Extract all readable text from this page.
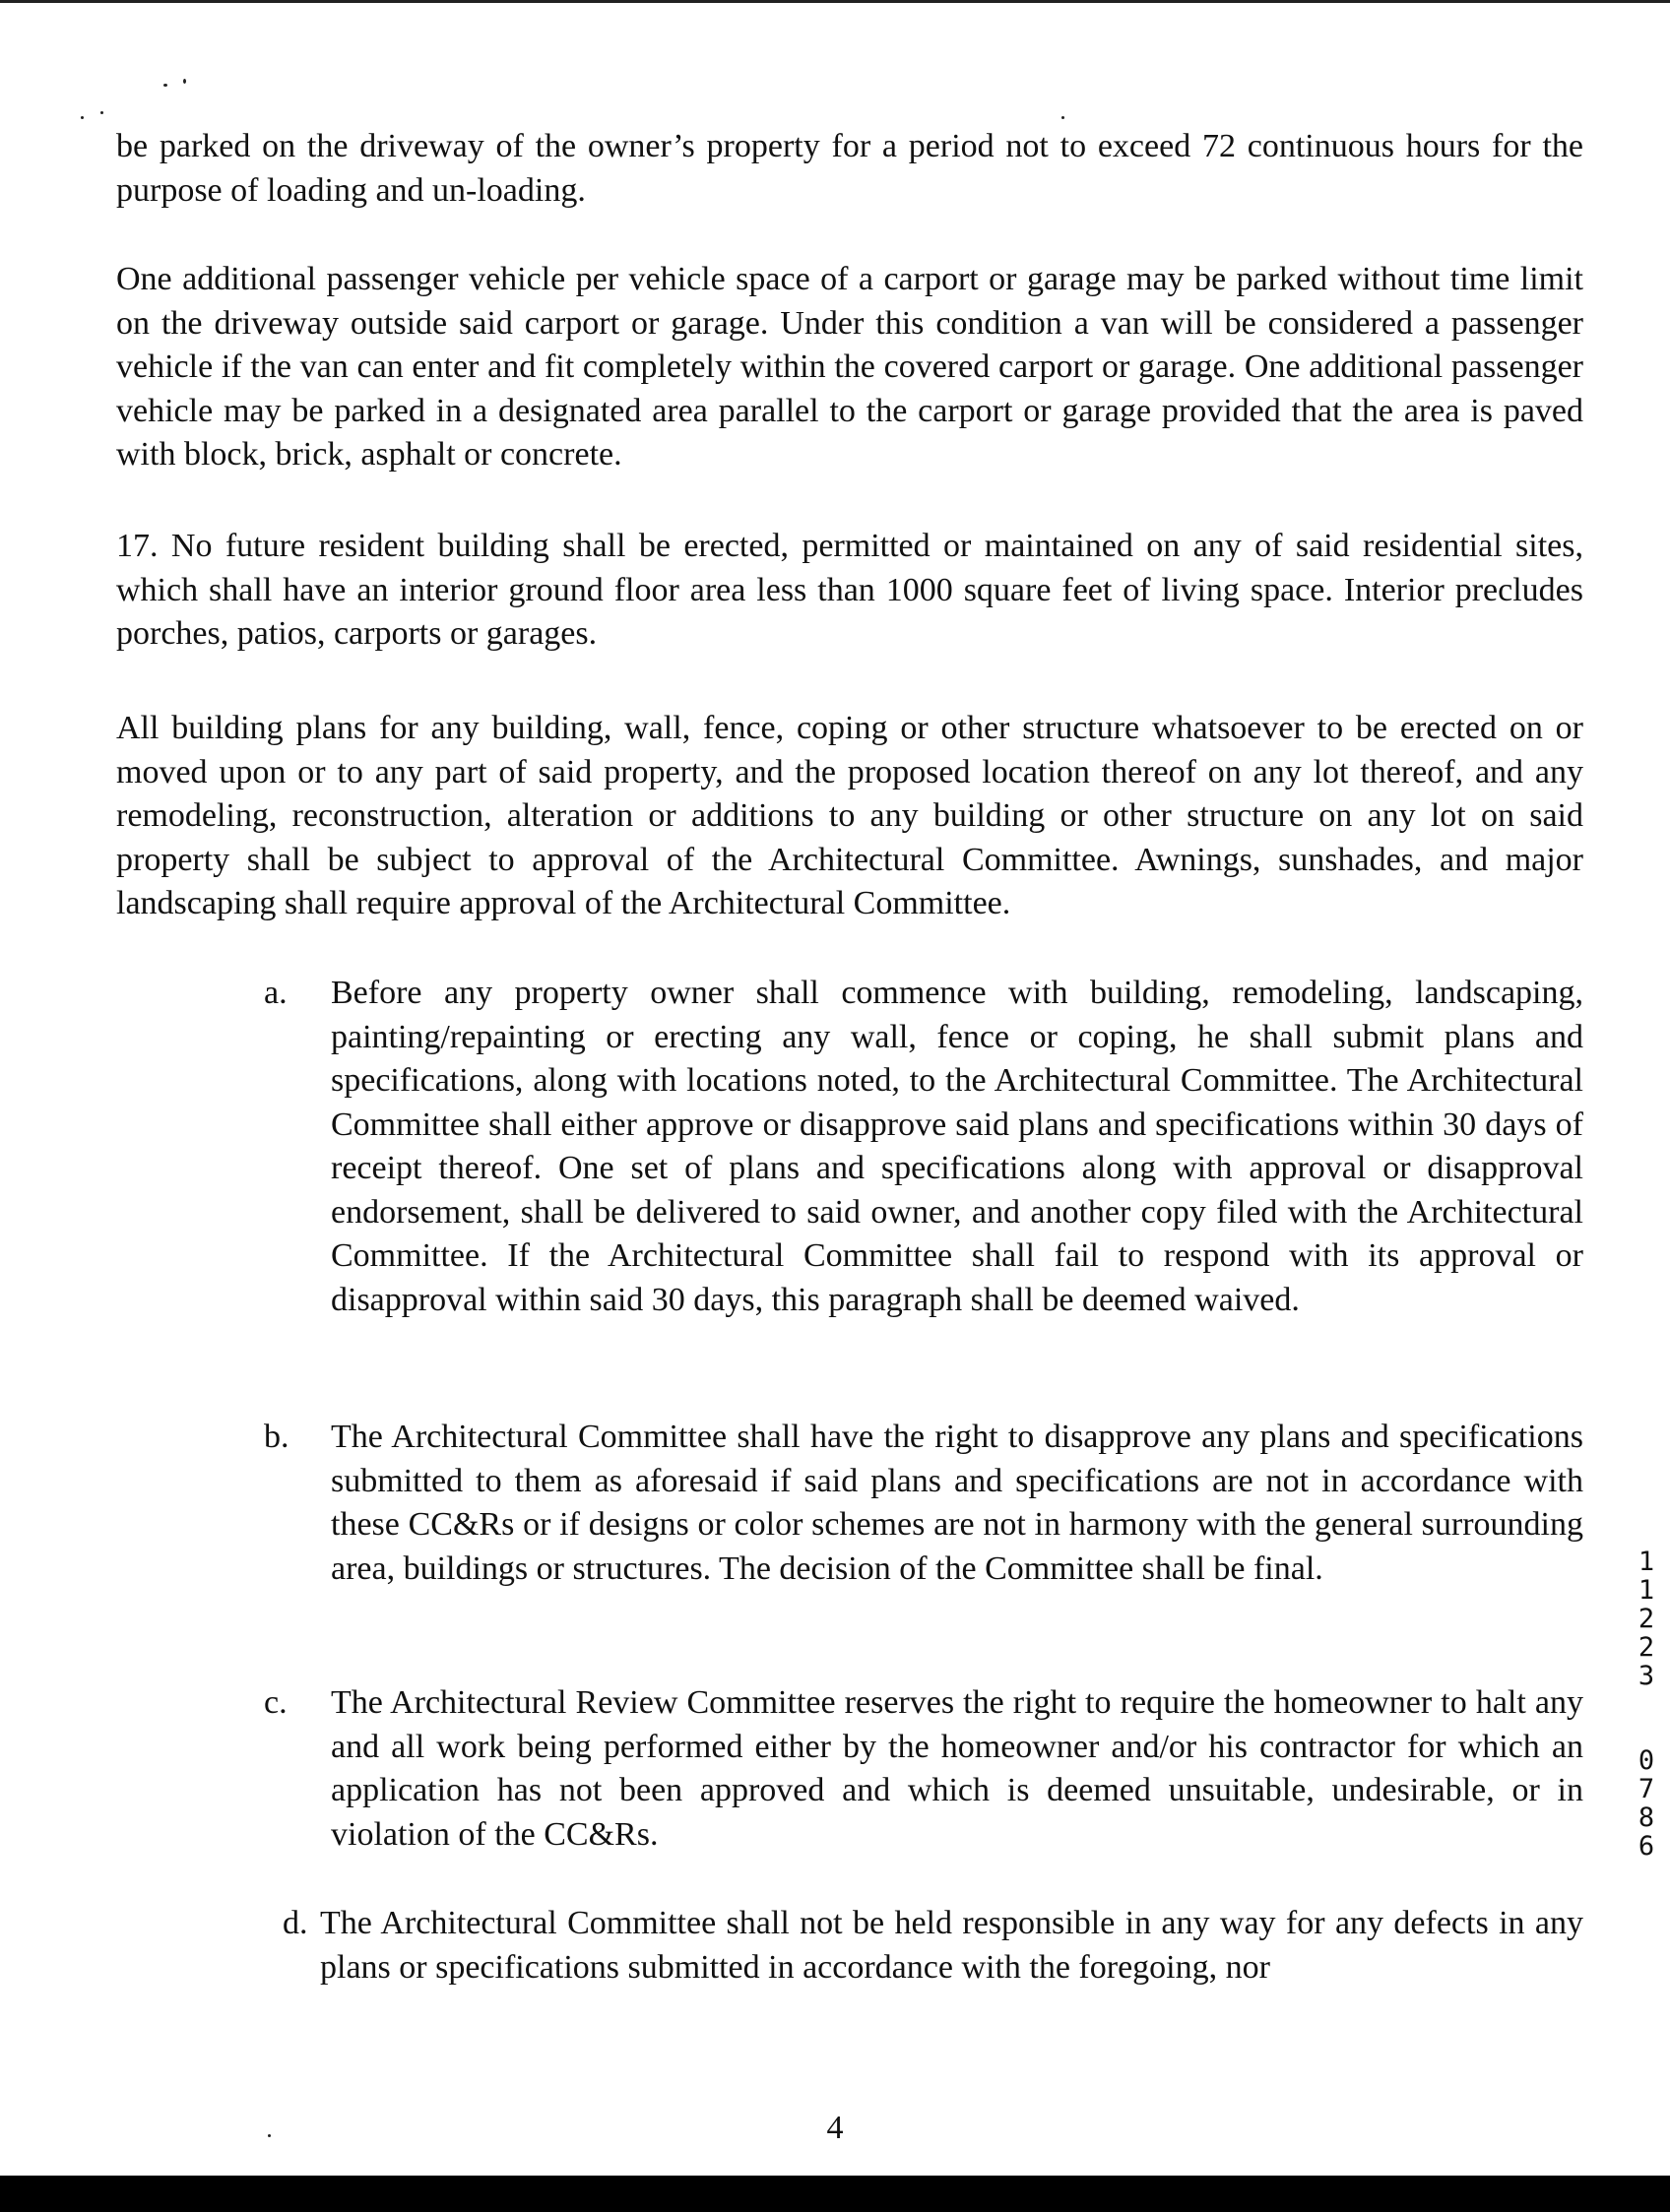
be parked on the driveway of the owner’s property for a period not to exceed 72 continuous hours for the purpose of loading and un-loading.

One additional passenger vehicle per vehicle space of a carport or garage may be parked without time limit on the driveway outside said carport or garage. Under this condition a van will be considered a passenger vehicle if the van can enter and fit completely within the covered carport or garage. One additional passenger vehicle may be parked in a designated area parallel to the carport or garage provided that the area is paved with block, brick, asphalt or concrete.

17. No future resident building shall be erected, permitted or maintained on any of said residential sites, which shall have an interior ground floor area less than 1000 square feet of living space. Interior precludes porches, patios, carports or garages.

All building plans for any building, wall, fence, coping or other structure whatsoever to be erected on or moved upon or to any part of said property, and the proposed location thereof on any lot thereof, and any remodeling, reconstruction, alteration or additions to any building or other structure on any lot on said property shall be subject to approval of the Architectural Committee. Awnings, sunshades, and major landscaping shall require approval of the Architectural Committee.

a. Before any property owner shall commence with building, remodeling, landscaping, painting/repainting or erecting any wall, fence or coping, he shall submit plans and specifications, along with locations noted, to the Architectural Committee. The Architectural Committee shall either approve or disapprove said plans and specifications within 30 days of receipt thereof. One set of plans and specifications along with approval or disapproval endorsement, shall be delivered to said owner, and another copy filed with the Architectural Committee. If the Architectural Committee shall fail to respond with its approval or disapproval within said 30 days, this paragraph shall be deemed waived.

b. The Architectural Committee shall have the right to disapprove any plans and specifications submitted to them as aforesaid if said plans and specifications are not in accordance with these CC&Rs or if designs or color schemes are not in harmony with the general surrounding area, buildings or structures. The decision of the Committee shall be final.

c. The Architectural Review Committee reserves the right to require the homeowner to halt any and all work being performed either by the homeowner and/or his contractor for which an application has not been approved and which is deemed unsuitable, undesirable, or in violation of the CC&Rs.

d. The Architectural Committee shall not be held responsible in any way for any defects in any plans or specifications submitted in accordance with the foregoing, nor

1
1
2
2
3
0
7
8
6
4
